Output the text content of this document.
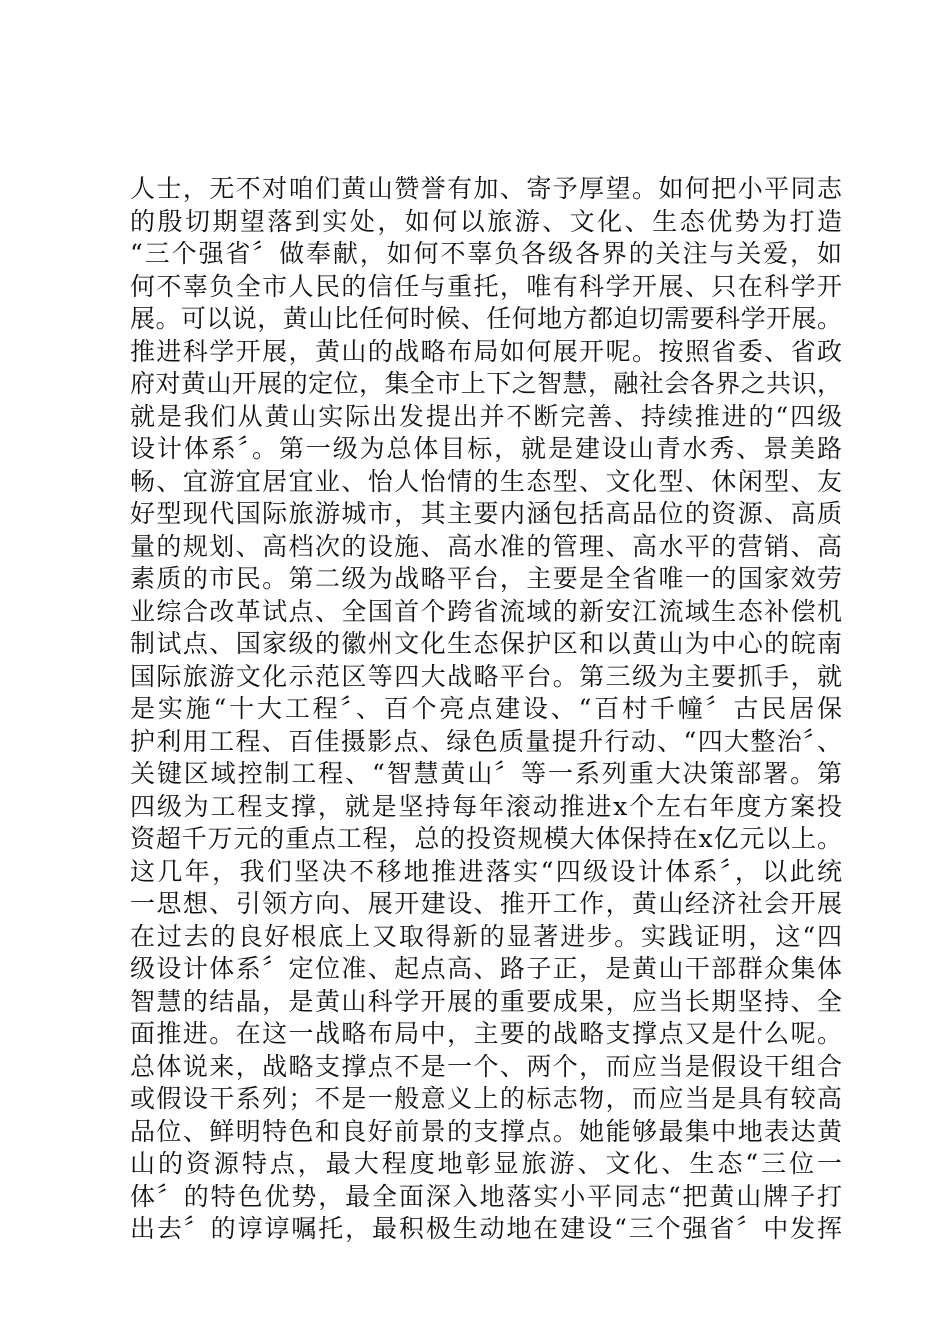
人士，无不对咱们黄山赞誉有加、寄予厚望。如何把小平同志
的殷切期望落到实处，如何以旅游、文化、生态优势为打造
“三个强省〞做奉献，如何不辜负各级各界的关注与关爱，如
何不辜负全市人民的信任与重托，唯有科学开展、只在科学开
展。可以说，黄山比任何时候、任何地方都迫切需要科学开展。
推进科学开展，黄山的战略布局如何展开呢。按照省委、省政
府对黄山开展的定位，集全市上下之智慧，融社会各界之共识，
就是我们从黄山实际出发提出并不断完善、持续推进的“四级
设计体系〞。第一级为总体目标，就是建设山青水秀、景美路
畅、宜游宜居宜业、怡人怡情的生态型、文化型、休闲型、友
好型现代国际旅游城市，其主要内涵包括高品位的资源、高质
量的规划、高档次的设施、高水准的管理、高水平的营销、高
素质的市民。第二级为战略平台，主要是全省唯一的国家效劳
业综合改革试点、全国首个跨省流域的新安江流域生态补偿机
制试点、国家级的徽州文化生态保护区和以黄山为中心的皖南
国际旅游文化示范区等四大战略平台。第三级为主要抓手，就
是实施“十大工程〞、百个亮点建设、“百村千幢〞古民居保
护利用工程、百佳摄影点、绿色质量提升行动、“四大整治〞、
关键区域控制工程、“智慧黄山〞等一系列重大决策部署。第
四级为工程支撑，就是坚持每年滚动推进x个左右年度方案投
资超千万元的重点工程，总的投资规模大体保持在x亿元以上。
这几年，我们坚决不移地推进落实“四级设计体系〞，以此统
一思想、引领方向、展开建设、推开工作，黄山经济社会开展
在过去的良好根底上又取得新的显著进步。实践证明，这“四
级设计体系〞定位准、起点高、路子正，是黄山干部群众集体
智慧的结晶，是黄山科学开展的重要成果，应当长期坚持、全
面推进。在这一战略布局中，主要的战略支撑点又是什么呢。
总体说来，战略支撑点不是一个、两个，而应当是假设干组合
或假设干系列；不是一般意义上的标志物，而应当是具有较高
品位、鲜明特色和良好前景的支撑点。她能够最集中地表达黄
山的资源特点，最大程度地彰显旅游、文化、生态“三位一
体〞的特色优势，最全面深入地落实小平同志“把黄山牌子打
出去〞的谆谆嘱托，最积极生动地在建设“三个强省〞中发挥
